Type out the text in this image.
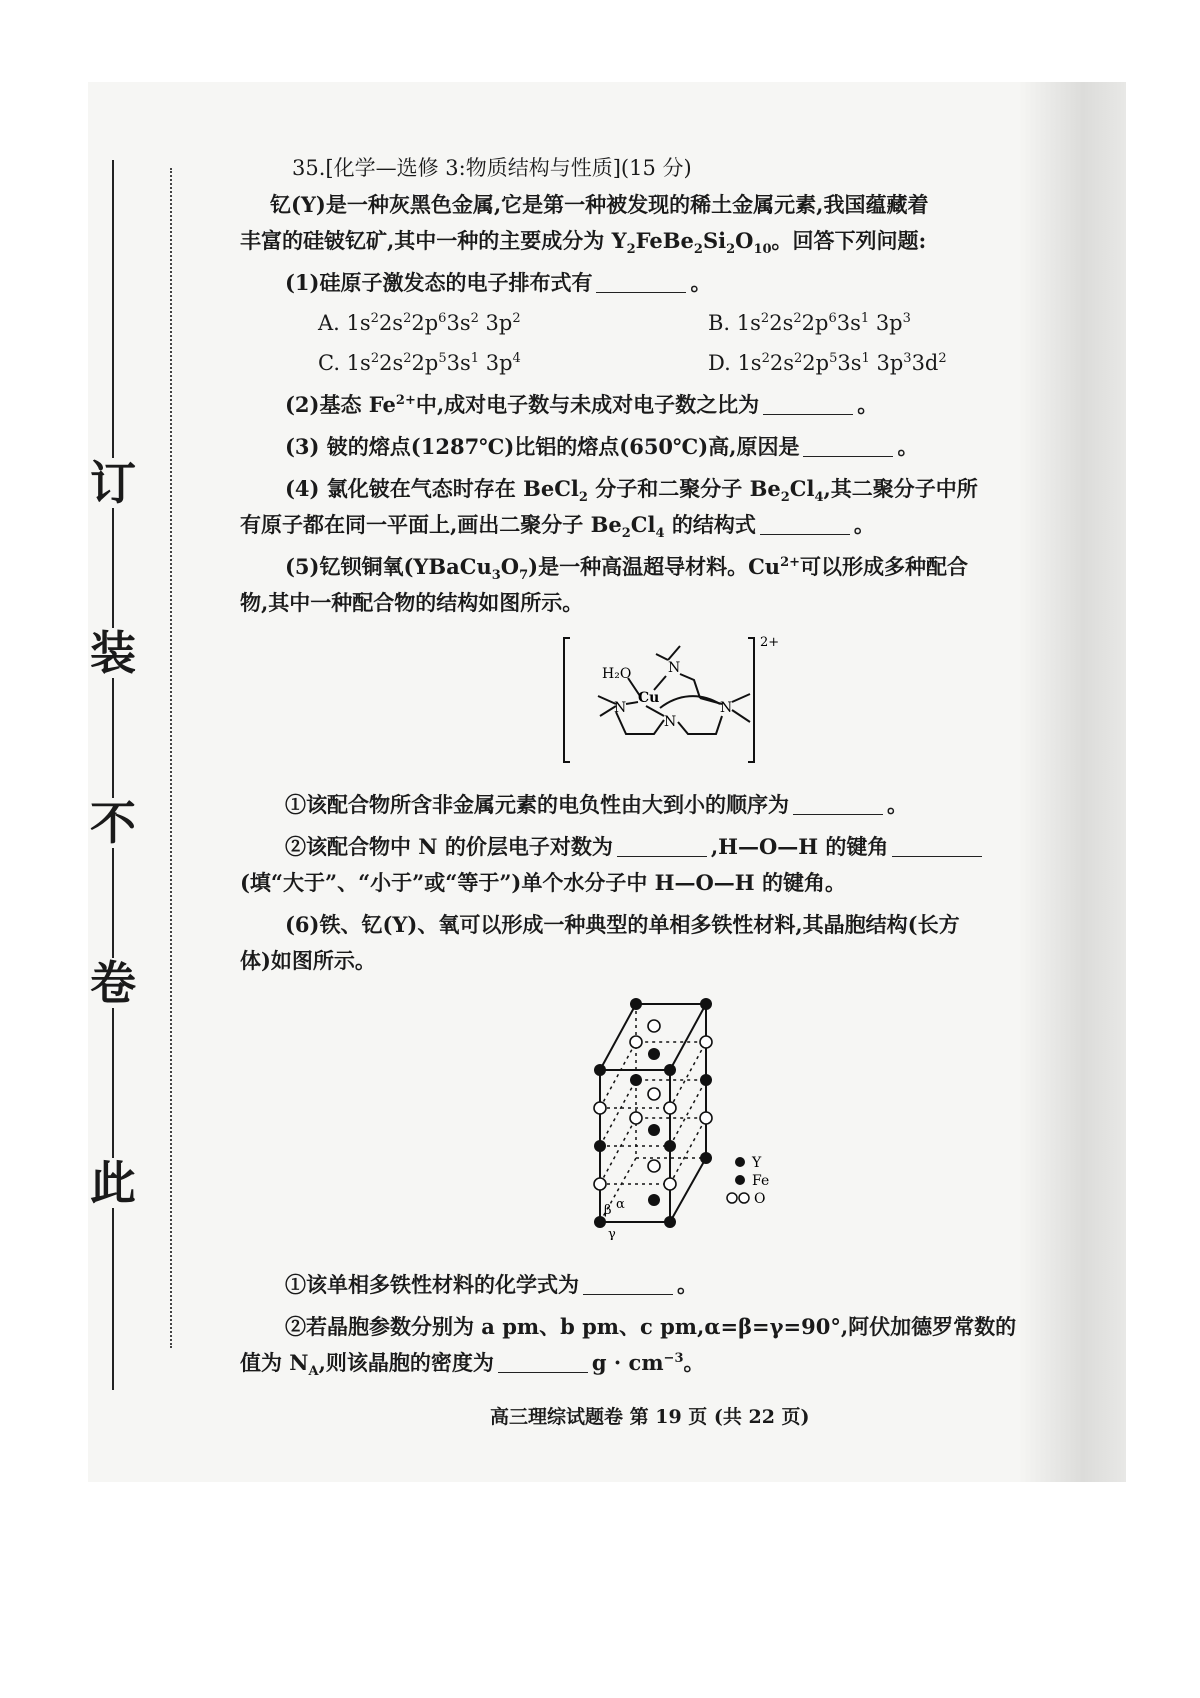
此
卷
不
装
订
35.[化学—选修 3:物质结构与性质](15 分)
钇(Y)是一种灰黑色金属,它是第一种被发现的稀土金属元素,我国蕴藏着
丰富的硅铍钇矿,其中一种的主要成分为 $Y_2FeBe_2Si_2O_{10}$。回答下列问题:
(1)硅原子激发态的电子排布式有	。
A. $1s^22s^22p^63s^2$ $3p^2$	B. $1s^22s^22p^63s^1$ $3p^3$
C. $1s^22s^22p^53s^1$ $3p^4$	D. $1s^22s^22p^53s^1$ $3p^33d^2$
(2)基态 $Fe^{2+}$中,成对电子数与未成对电子数之比为	。
(3) 铍的熔点(1287℃)比铝的熔点(650℃)高,原因是	。
(4) 氯化铍在气态时存在 BeCl$_2$ 分子和二聚分子 $Be_2Cl_4$,其二聚分子中所
有原子都在同一平面上,画出二聚分子 $Be_2Cl_4$ 的结构式	。
(5)钇钡铜氧$(YBaCu_3O_7)$是一种高温超导材料。$Cu^{2+}$可以形成多种配合
物,其中一种配合物的结构如图所示。
H₂O
Cu
N
N
N
N
2+
①该配合物所含非金属元素的电负性由大到小的顺序为	。
②该配合物中 N 的价层电子对数为	,H—O—H 的键角
(填“大于”、“小于”或“等于”)单个水分子中 H—O—H 的键角。
(6)铁、钇(Y)、氧可以形成一种典型的单相多铁性材料,其晶胞结构(长方
体)如图所示。
β α
γ
Y
Fe
O
①该单相多铁性材料的化学式为	。
②若晶胞参数分别为 a pm、b pm、c pm,α=β=γ=90°,阿伏加德罗常数的
值为 $N_A$,则该晶胞的密度为	$g \cdot cm^{-3}$。
高三理综试题卷 第 19 页 (共 22 页)
